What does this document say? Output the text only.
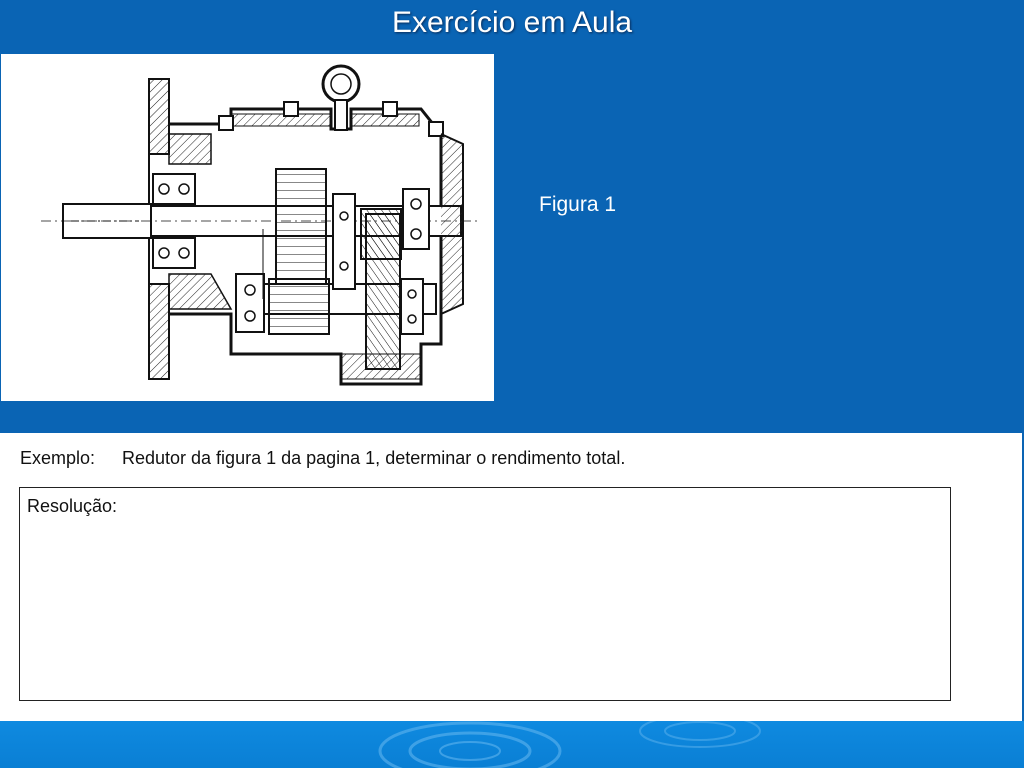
Exercício em Aula
Figura 1
Exemplo: Redutor da figura 1 da pagina 1, determinar o rendimento total.
Resolução:
